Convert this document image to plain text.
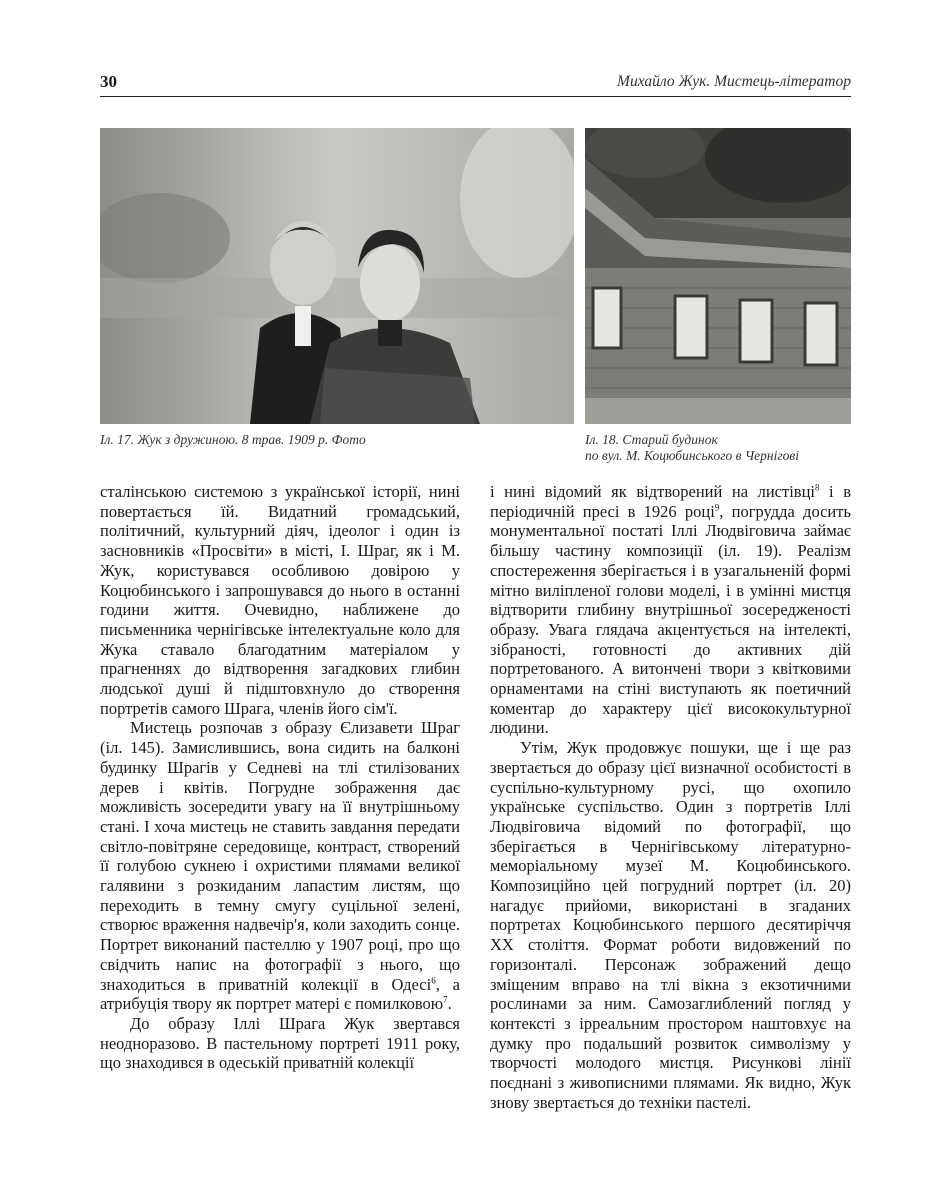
30	Михайло Жук. Мистець-літератор
Іл. 17. Жук з дружиною. 8 трав. 1909 р. Фото	Іл. 18. Старий будинок
по вул. М. Коцюбинського в Чернігові

сталінською системою з української історії, нині повертається їй. Видатний громадський, політичний, культурний діяч, ідеолог і один із засновників «Просвіти» в місті, І. Шраг, як і М. Жук, користувався особливою довірою у Коцюбинського і запрошувався до нього в останні години життя. Очевидно, наближене до письменника чернігівське інтелектуальне коло для Жука ставало благодатним матеріалом у прагненнях до відтворення загадкових глибин людської душі й підштовхнуло до створення портретів самого Шрага, членів його сім'ї.

Мистець розпочав з образу Єлизавети Шраг (іл. 145). Замислившись, вона сидить на балконі будинку Шрагів у Седневі на тлі стилізованих дерев і квітів. Погрудне зображення дає можливість зосередити увагу на її внутрішньому стані. І хоча мистець не ставить завдання передати світло-повітряне середовище, контраст, створений її голубою сукнею і охристими плямами великої галявини з розкиданим лапастим листям, що переходить в темну смугу суцільної зелені, створює враження надвечір'я, коли заходить сонце. Портрет виконаний пастеллю у 1907 році, про що свідчить напис на фотографії з нього, що знаходиться в приватній колекції в Одесі$^6$, а атрибуція твору як портрет матері є помилковою$^7$.

До образу Іллі Шрага Жук звертався неодноразово. В пастельному портреті 1911 року, що знаходився в одеській приватній колекції

і нині відомий як відтворений на листівці$^8$ і в періодичній пресі в 1926 році$^9$, погрудда досить монументальної постаті Іллі Людвіговича займає більшу частину композиції (іл. 19). Реалізм спостереження зберігається і в узагальненій формі мітно виліпленої голови моделі, і в умінні мистця відтворити глибину внутрішньої зосередженості образу. Увага глядача акцентується на інтелекті, зібраності, готовності до активних дій портретованого. А витончені твори з квітковими орнаментами на стіні виступають як поетичний коментар до характеру цієї висококультурної людини.

Утім, Жук продовжує пошуки, ще і ще раз звертається до образу цієї визначної особистості в суспільно-культурному русі, що охопило українське суспільство. Один з портретів Іллі Людвіговича відомий по фотографії, що зберігається в Чернігівському літературно-меморіальному музеї М. Коцюбинського. Композиційно цей погрудний портрет (іл. 20) нагадує прийоми, використані в згаданих портретах Коцюбинського першого десятиріччя XX століття. Формат роботи видовжений по горизонталі. Персонаж зображений дещо зміщеним вправо на тлі вікна з екзотичними рослинами за ним. Самозаглиблений погляд у контексті з ірреальним простором наштовхує на думку про подальший розвиток символізму у творчості молодого мистця. Рисункові лінії поєднані з живописними плямами. Як видно, Жук знову звертається до техніки пастелі.
